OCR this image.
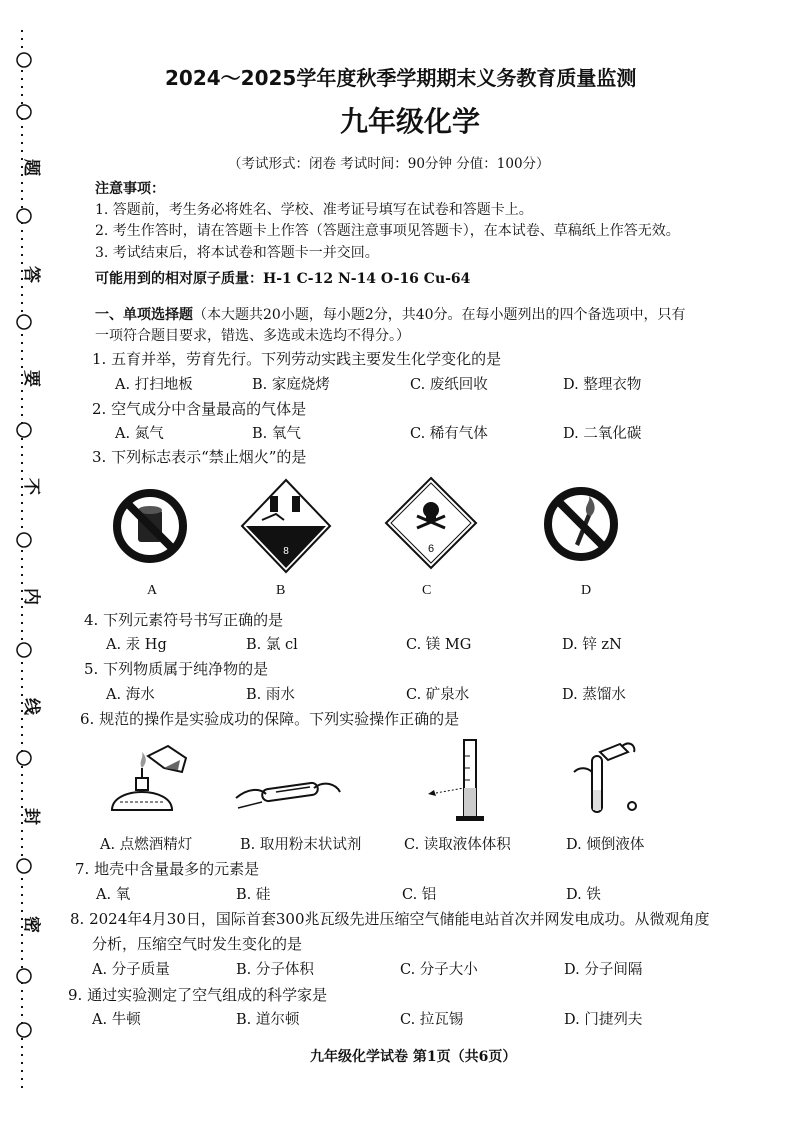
题
答
要
不
内
线
封
密
2024～2025学年度秋季学期期末义务教育质量监测
九年级化学
（考试形式：闭卷 考试时间：90分钟 分值：100分）
注意事项：
1. 答题前，考生务必将姓名、学校、准考证号填写在试卷和答题卡上。
2. 考生作答时，请在答题卡上作答（答题注意事项见答题卡），在本试卷、草稿纸上作答无效。
3. 考试结束后，将本试卷和答题卡一并交回。
可能用到的相对原子质量：H-1 C-12 N-14 O-16 Cu-64
一、单项选择题（本大题共20小题，每小题2分，共40分。在每小题列出的四个备选项中，只有
一项符合题目要求，错选、多选或未选均不得分。）
1. 五育并举，劳育先行。下列劳动实践主要发生化学变化的是
A. 打扫地板	B. 家庭烧烤	C. 废纸回收	D. 整理衣物
2. 空气成分中含量最高的气体是
A. 氮气	B. 氧气	C. 稀有气体	D. 二氧化碳
3. 下列标志表示“禁止烟火”的是
8	6
A	B	C	D
4. 下列元素符号书写正确的是
A. 汞 Hg	B. 氯 cl	C. 镁 MG	D. 锌 zN
5. 下列物质属于纯净物的是
A. 海水	B. 雨水	C. 矿泉水	D. 蒸馏水
6. 规范的操作是实验成功的保障。下列实验操作正确的是
A. 点燃酒精灯	B. 取用粉末状试剂	C. 读取液体体积	D. 倾倒液体
7. 地壳中含量最多的元素是
A. 氧	B. 硅	C. 铝	D. 铁
8. 2024年4月30日，国际首套300兆瓦级先进压缩空气储能电站首次并网发电成功。从微观角度
分析，压缩空气时发生变化的是
A. 分子质量	B. 分子体积	C. 分子大小	D. 分子间隔
9. 通过实验测定了空气组成的科学家是
A. 牛顿	B. 道尔顿	C. 拉瓦锡	D. 门捷列夫
九年级化学试卷 第1页（共6页）
